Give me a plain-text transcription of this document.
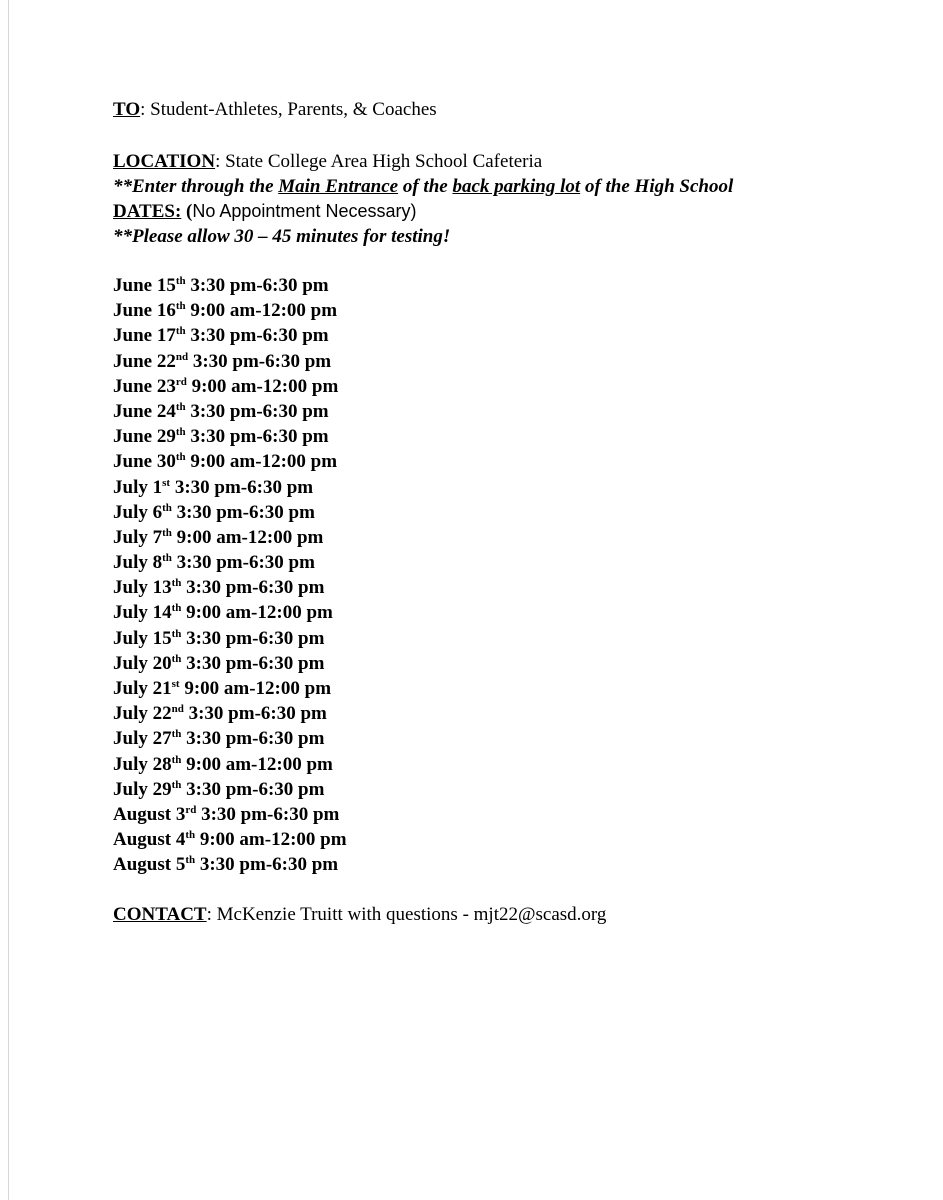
TO: Student-Athletes, Parents, & Coaches
LOCATION: State College Area High School Cafeteria
**Enter through the Main Entrance of the back parking lot of the High School
DATES: (No Appointment Necessary)
**Please allow 30 – 45 minutes for testing!
June 15th 3:30 pm-6:30 pm
June 16th 9:00 am-12:00 pm
June 17th 3:30 pm-6:30 pm
June 22nd 3:30 pm-6:30 pm
June 23rd 9:00 am-12:00 pm
June 24th 3:30 pm-6:30 pm
June 29th 3:30 pm-6:30 pm
June 30th 9:00 am-12:00 pm
July 1st 3:30 pm-6:30 pm
July 6th 3:30 pm-6:30 pm
July 7th 9:00 am-12:00 pm
July 8th 3:30 pm-6:30 pm
July 13th 3:30 pm-6:30 pm
July 14th 9:00 am-12:00 pm
July 15th 3:30 pm-6:30 pm
July 20th 3:30 pm-6:30 pm
July 21st 9:00 am-12:00 pm
July 22nd 3:30 pm-6:30 pm
July 27th 3:30 pm-6:30 pm
July 28th 9:00 am-12:00 pm
July 29th 3:30 pm-6:30 pm
August 3rd 3:30 pm-6:30 pm
August 4th 9:00 am-12:00 pm
August 5th 3:30 pm-6:30 pm
CONTACT: McKenzie Truitt with questions - mjt22@scasd.org
